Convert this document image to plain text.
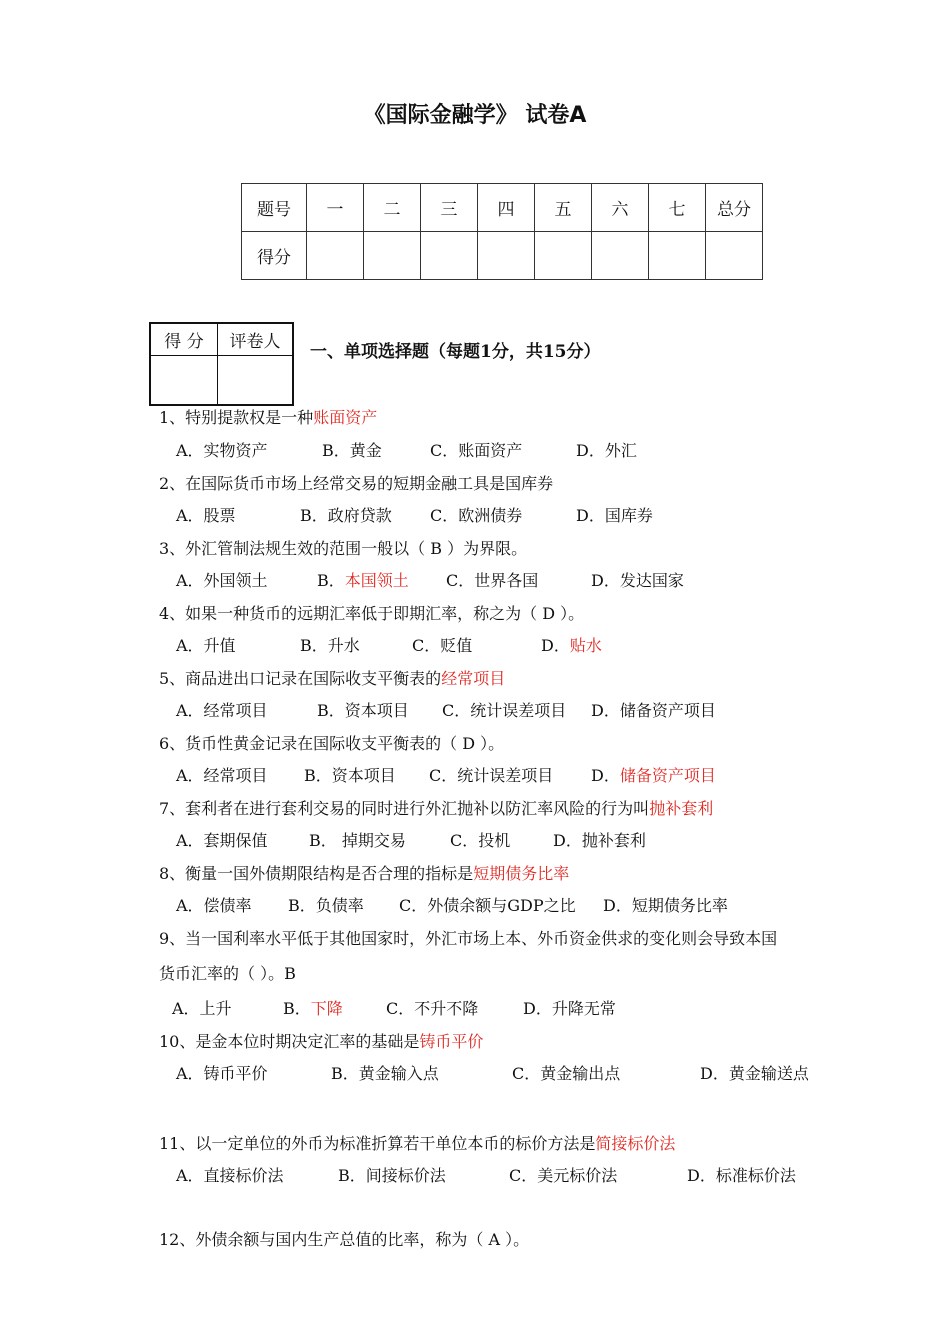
《国际金融学》 试卷A
题号	一	二	三	四	五	六	七	总分
得分								
得 分	评卷人
	一、单项选择题（每题1分，共15分）
1、特别提款权是一种账面资产
A．实物资产	B．黄金	C．账面资产	D．外汇
2、在国际货币市场上经常交易的短期金融工具是国库券
A．股票	B．政府贷款 C．欧洲债券	D．国库券
3、外汇管制法规生效的范围一般以（ B ）为界限。
A．外国领土	B．本国领土 C．世界各国	D．发达国家
4、如果一种货币的远期汇率低于即期汇率，称之为（ D ）。
A．升值	B．升水	C．贬值	D．贴水
5、商品进出口记录在国际收支平衡表的经常项目
A．经常项目	B．资本项目 C．统计误差项目 D．储备资产项目
6、货币性黄金记录在国际收支平衡表的（ D ）。
A．经常项目 B．资本项目 C．统计误差项目 D．储备资产项目
7、套利者在进行套利交易的同时进行外汇抛补以防汇率风险的行为叫抛补套利
A．套期保值	B． 掉期交易	C．投机	D．抛补套利
8、衡量一国外债期限结构是否合理的指标是短期债务比率
A．偿债率 B．负债率 C．外债余额与GDP之比 D．短期债务比率
9、当一国利率水平低于其他国家时，外汇市场上本、外币资金供求的变化则会导致本国
货币汇率的（ ）。B
A．上升	B．下降	C．不升不降	D．升降无常
10、是金本位时期决定汇率的基础是铸币平价
A．铸币平价	B．黄金输入点	C．黄金输出点	D．黄金输送点
11、以一定单位的外币为标准折算若干单位本币的标价方法是简接标价法
A．直接标价法	B．间接标价法	C．美元标价法	D．标准标价法
12、外债余额与国内生产总值的比率，称为（ A ）。
